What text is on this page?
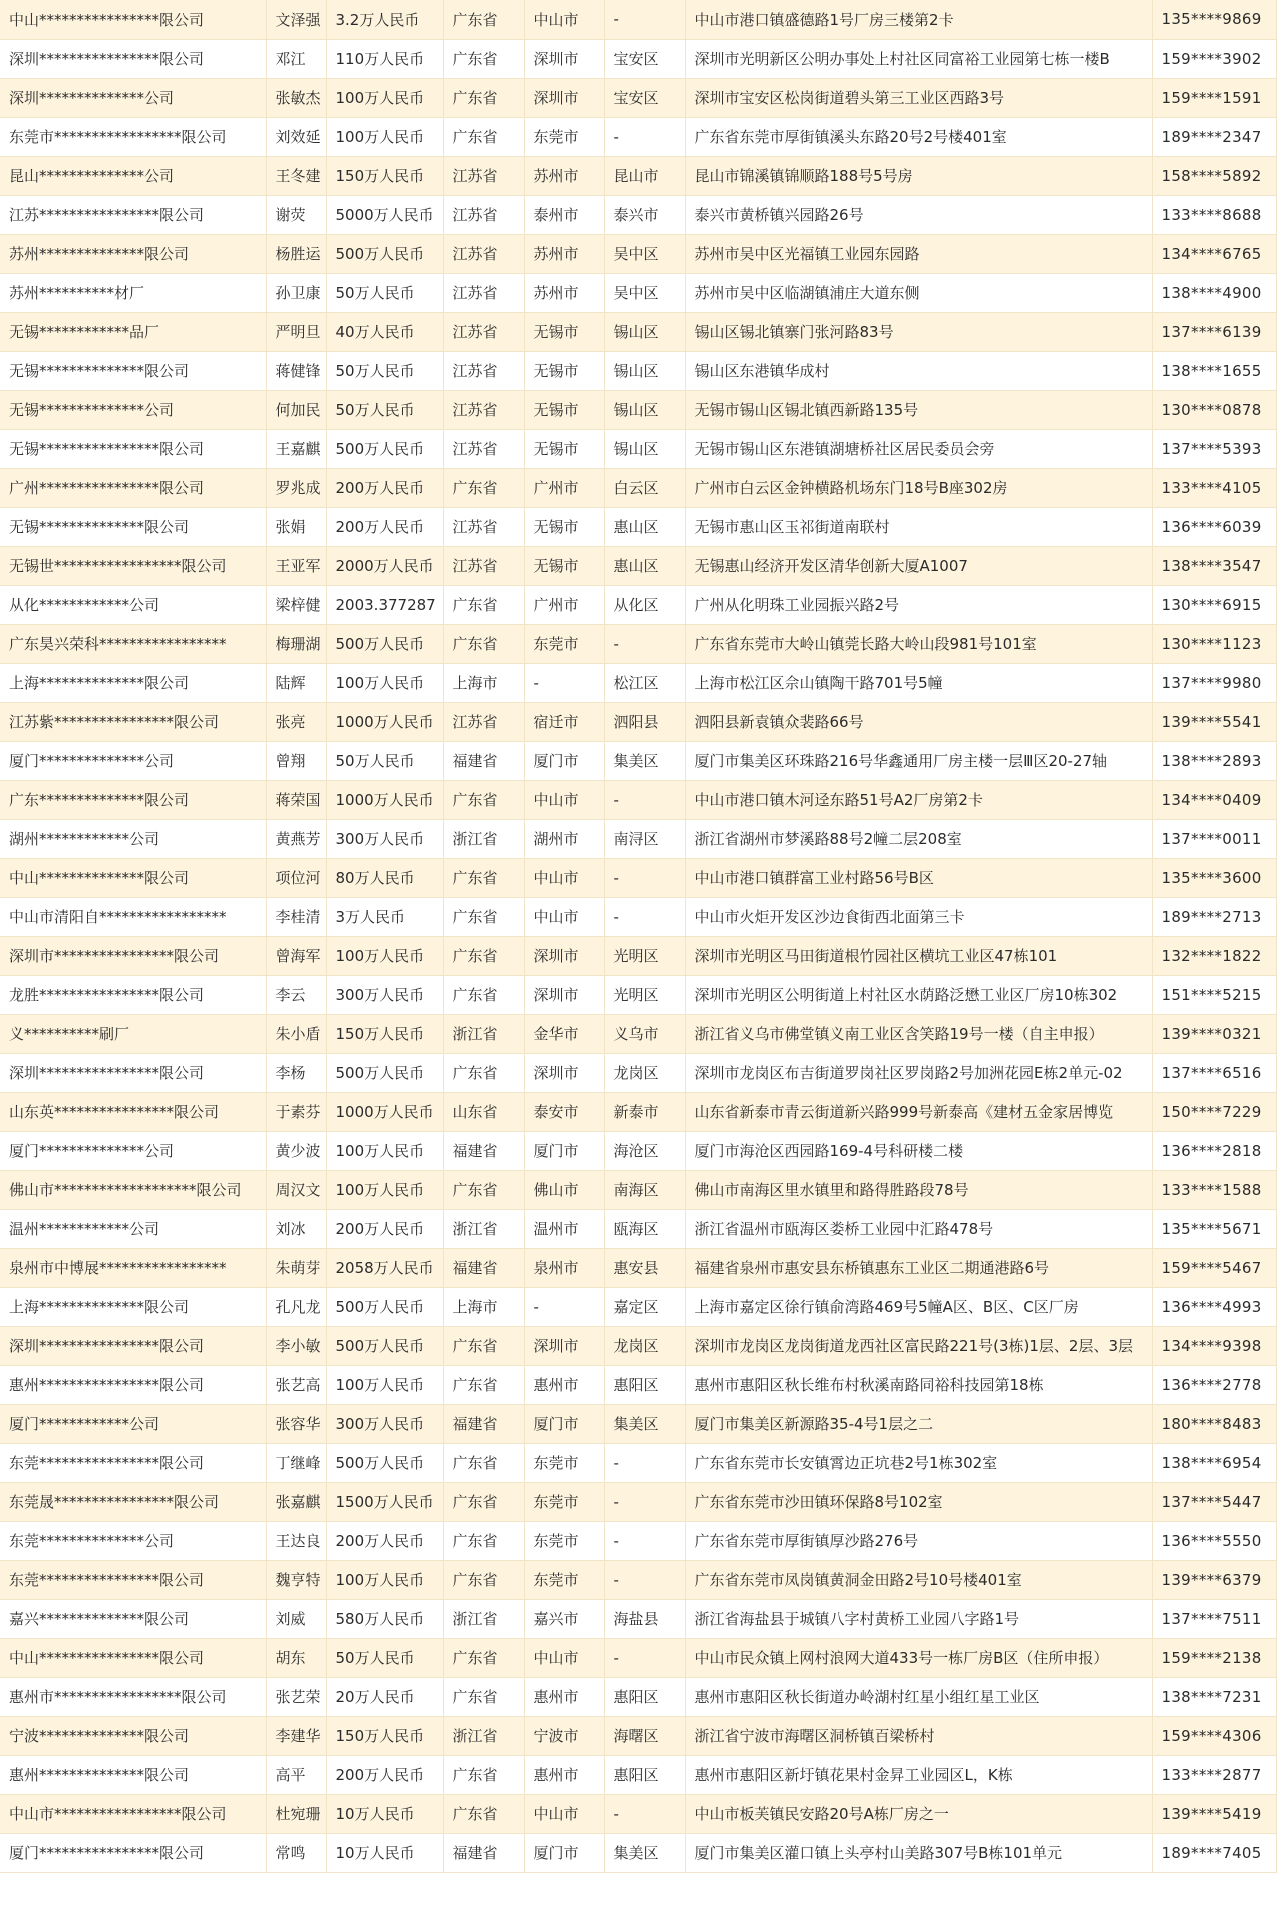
中山****************限公司	文泽强	3.2万人民币	广东省	中山市	-	中山市港口镇盛德路1号厂房三楼第2卡	135****9869
深圳****************限公司	邓江	110万人民币	广东省	深圳市	宝安区	深圳市光明新区公明办事处上村社区同富裕工业园第七栋一楼B	159****3902
深圳**************公司	张敏杰	100万人民币	广东省	深圳市	宝安区	深圳市宝安区松岗街道碧头第三工业区西路3号	159****1591
东莞市*****************限公司	刘效延	100万人民币	广东省	东莞市	-	广东省东莞市厚街镇溪头东路20号2号楼401室	189****2347
昆山**************公司	王冬建	150万人民币	江苏省	苏州市	昆山市	昆山市锦溪镇锦顺路188号5号房	158****5892
江苏****************限公司	谢荧	5000万人民币	江苏省	泰州市	泰兴市	泰兴市黄桥镇兴园路26号	133****8688
苏州**************限公司	杨胜运	500万人民币	江苏省	苏州市	吴中区	苏州市吴中区光福镇工业园东园路	134****6765
苏州**********材厂	孙卫康	50万人民币	江苏省	苏州市	吴中区	苏州市吴中区临湖镇浦庄大道东侧	138****4900
无锡************品厂	严明旦	40万人民币	江苏省	无锡市	锡山区	锡山区锡北镇寨门张河路83号	137****6139
无锡**************限公司	蒋健锋	50万人民币	江苏省	无锡市	锡山区	锡山区东港镇华成村	138****1655
无锡**************公司	何加民	50万人民币	江苏省	无锡市	锡山区	无锡市锡山区锡北镇西新路135号	130****0878
无锡****************限公司	王嘉麒	500万人民币	江苏省	无锡市	锡山区	无锡市锡山区东港镇湖塘桥社区居民委员会旁	137****5393
广州****************限公司	罗兆成	200万人民币	广东省	广州市	白云区	广州市白云区金钟横路机场东门18号B座302房	133****4105
无锡**************限公司	张娟	200万人民币	江苏省	无锡市	惠山区	无锡市惠山区玉祁街道南联村	136****6039
无锡世*****************限公司	王亚军	2000万人民币	江苏省	无锡市	惠山区	无锡惠山经济开发区清华创新大厦A1007	138****3547
从化************公司	梁梓健	2003.377287	广东省	广州市	从化区	广州从化明珠工业园振兴路2号	130****6915
广东昊兴荣科*****************	梅珊湖	500万人民币	广东省	东莞市	-	广东省东莞市大岭山镇莞长路大岭山段981号101室	130****1123
上海**************限公司	陆辉	100万人民币	上海市	-	松江区	上海市松江区佘山镇陶干路701号5幢	137****9980
江苏紫****************限公司	张亮	1000万人民币	江苏省	宿迁市	泗阳县	泗阳县新袁镇众裴路66号	139****5541
厦门**************公司	曾翔	50万人民币	福建省	厦门市	集美区	厦门市集美区环珠路216号华鑫通用厂房主楼一层Ⅲ区20-27轴	138****2893
广东**************限公司	蒋荣国	1000万人民币	广东省	中山市	-	中山市港口镇木河迳东路51号A2厂房第2卡	134****0409
湖州************公司	黄燕芳	300万人民币	浙江省	湖州市	南浔区	浙江省湖州市梦溪路88号2幢二层208室	137****0011
中山**************限公司	项位河	80万人民币	广东省	中山市	-	中山市港口镇群富工业村路56号B区	135****3600
中山市清阳自*****************	李桂清	3万人民币	广东省	中山市	-	中山市火炬开发区沙边食街西北面第三卡	189****2713
深圳市****************限公司	曾海军	100万人民币	广东省	深圳市	光明区	深圳市光明区马田街道根竹园社区横坑工业区47栋101	132****1822
龙胜****************限公司	李云	300万人民币	广东省	深圳市	光明区	深圳市光明区公明街道上村社区水荫路泛懋工业区厂房10栋302	151****5215
义**********刷厂	朱小盾	150万人民币	浙江省	金华市	义乌市	浙江省义乌市佛堂镇义南工业区含笑路19号一楼（自主申报）	139****0321
深圳****************限公司	李杨	500万人民币	广东省	深圳市	龙岗区	深圳市龙岗区布吉街道罗岗社区罗岗路2号加洲花园E栋2单元-02	137****6516
山东英****************限公司	于素芬	1000万人民币	山东省	泰安市	新泰市	山东省新泰市青云街道新兴路999号新泰高《建材五金家居博览	150****7229
厦门**************公司	黄少波	100万人民币	福建省	厦门市	海沧区	厦门市海沧区西园路169-4号科研楼二楼	136****2818
佛山市*******************限公司	周汉文	100万人民币	广东省	佛山市	南海区	佛山市南海区里水镇里和路得胜路段78号	133****1588
温州************公司	刘冰	200万人民币	浙江省	温州市	瓯海区	浙江省温州市瓯海区娄桥工业园中汇路478号	135****5671
泉州市中博展*****************	朱萌芽	2058万人民币	福建省	泉州市	惠安县	福建省泉州市惠安县东桥镇惠东工业区二期通港路6号	159****5467
上海**************限公司	孔凡龙	500万人民币	上海市	-	嘉定区	上海市嘉定区徐行镇俞湾路469号5幢A区、B区、C区厂房	136****4993
深圳****************限公司	李小敏	500万人民币	广东省	深圳市	龙岗区	深圳市龙岗区龙岗街道龙西社区富民路221号(3栋)1层、2层、3层	134****9398
惠州****************限公司	张艺高	100万人民币	广东省	惠州市	惠阳区	惠州市惠阳区秋长维布村秋溪南路同裕科技园第18栋	136****2778
厦门************公司	张容华	300万人民币	福建省	厦门市	集美区	厦门市集美区新源路35-4号1层之二	180****8483
东莞****************限公司	丁继峰	500万人民币	广东省	东莞市	-	广东省东莞市长安镇霄边正坑巷2号1栋302室	138****6954
东莞晟****************限公司	张嘉麒	1500万人民币	广东省	东莞市	-	广东省东莞市沙田镇环保路8号102室	137****5447
东莞**************公司	王达良	200万人民币	广东省	东莞市	-	广东省东莞市厚街镇厚沙路276号	136****5550
东莞****************限公司	魏亨特	100万人民币	广东省	东莞市	-	广东省东莞市凤岗镇黄洞金田路2号10号楼401室	139****6379
嘉兴**************限公司	刘威	580万人民币	浙江省	嘉兴市	海盐县	浙江省海盐县于城镇八字村黄桥工业园八字路1号	137****7511
中山****************限公司	胡东	50万人民币	广东省	中山市	-	中山市民众镇上网村浪网大道433号一栋厂房B区（住所申报）	159****2138
惠州市*****************限公司	张艺荣	20万人民币	广东省	惠州市	惠阳区	惠州市惠阳区秋长街道办岭湖村红星小组红星工业区	138****7231
宁波**************限公司	李建华	150万人民币	浙江省	宁波市	海曙区	浙江省宁波市海曙区洞桥镇百梁桥村	159****4306
惠州**************限公司	高平	200万人民币	广东省	惠州市	惠阳区	惠州市惠阳区新圩镇花果村金昇工业园区L，K栋	133****2877
中山市*****************限公司	杜宛珊	10万人民币	广东省	中山市	-	中山市板芙镇民安路20号A栋厂房之一	139****5419
厦门****************限公司	常鸣	10万人民币	福建省	厦门市	集美区	厦门市集美区灌口镇上头亭村山美路307号B栋101单元	189****7405
